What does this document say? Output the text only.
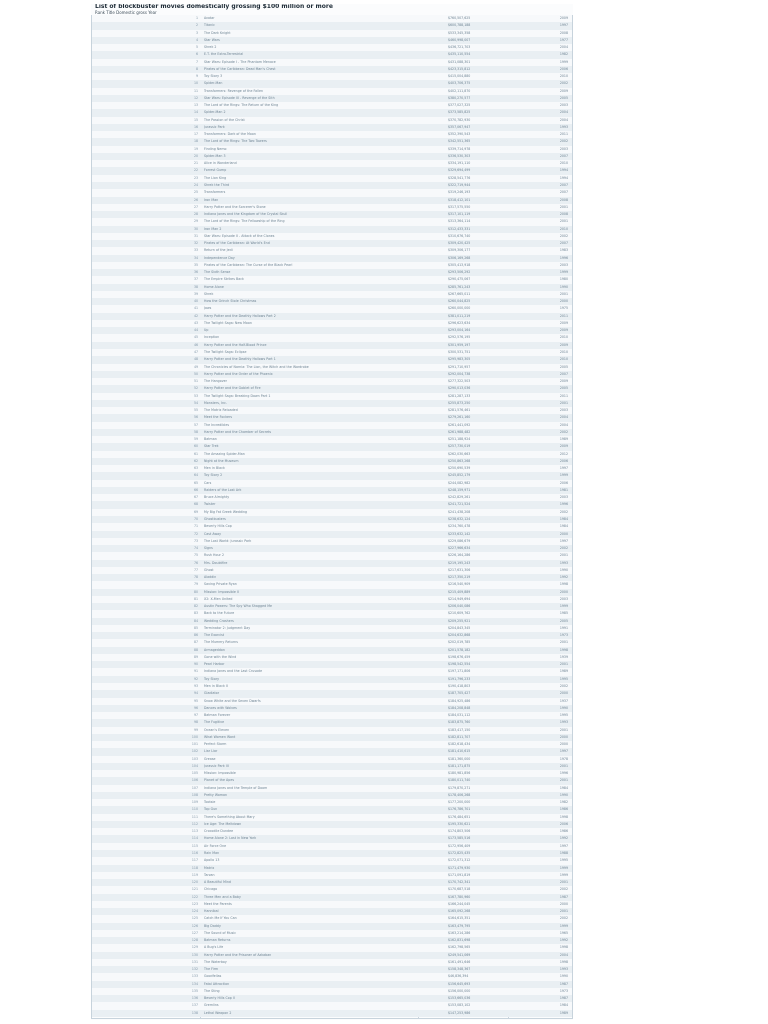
List of blockbuster movies domestically grossing $100 million or more
Rank Title Domestic gross Year
1 Avatar	$760,507,625	2009
2 Titanic	$600,788,188	1997
3 The Dark Knight	$533,345,358	2008
4 Star Wars	$460,998,007	1977
5 Shrek 2	$436,721,703	2004
6 E.T. the Extra-Terrestrial	$435,110,554	1982
7 Star Wars: Episode I - The Phantom Menace	$431,088,301	1999
8 Pirates of the Caribbean: Dead Man's Chest	$423,315,812	2006
9 Toy Story 3	$415,004,880	2010
10 Spider-Man	$403,706,375	2002
11 Transformers: Revenge of the Fallen	$402,111,870	2009
12 Star Wars: Episode III - Revenge of the Sith	$380,270,577	2005
13 The Lord of the Rings: The Return of the King	$377,027,325	2003
14 Spider-Man 2	$373,585,825	2004
15 The Passion of the Christ	$370,782,930	2004
16 Jurassic Park	$357,067,947	1993
17 Transformers: Dark of the Moon	$352,390,543	2011
18 The Lord of the Rings: The Two Towers	$342,551,365	2002
19 Finding Nemo	$339,714,978	2003
20 Spider-Man 3	$336,530,303	2007
21 Alice in Wonderland	$334,191,110	2010
22 Forrest Gump	$329,694,499	1994
23 The Lion King	$328,541,776	1994
24 Shrek the Third	$322,719,944	2007
25 Transformers	$319,246,193	2007
26 Iron Man	$318,412,101	2008
27 Harry Potter and the Sorcerer's Stone	$317,575,550	2001
28 Indiana Jones and the Kingdom of the Crystal Skull	$317,101,119	2008
29 The Lord of the Rings: The Fellowship of the Ring	$313,364,114	2001
30 Iron Man 2	$312,433,331	2010
31 Star Wars: Episode II - Attack of the Clones	$310,676,740	2002
32 Pirates of the Caribbean: At World's End	$309,420,425	2007
33 Return of the Jedi	$309,306,177	1983
34 Independence Day	$306,169,268	1996
35 Pirates of the Caribbean: The Curse of the Black Pearl	$305,413,918	2003
36 The Sixth Sense	$293,506,292	1999
37 The Empire Strikes Back	$290,475,067	1980
38 Home Alone	$285,761,243	1990
39 Shrek	$267,665,011	2001
40 How the Grinch Stole Christmas	$260,044,825	2000
41 Jaws	$260,000,000	1975
42 Harry Potter and the Deathly Hallows Part 2	$381,011,219	2011
43 The Twilight Saga: New Moon	$296,623,634	2009
44 Up	$293,004,164	2009
45 Inception	$292,576,195	2010
46 Harry Potter and the Half-Blood Prince	$301,959,197	2009
47 The Twilight Saga: Eclipse	$300,531,751	2010
48 Harry Potter and the Deathly Hallows Part 1	$295,983,305	2010
49 The Chronicles of Narnia: The Lion, the Witch and the Wardrobe	$291,710,957	2005
50 Harry Potter and the Order of the Phoenix	$292,004,738	2007
51 The Hangover	$277,322,503	2009
52 Harry Potter and the Goblet of Fire	$290,013,036	2005
53 The Twilight Saga: Breaking Dawn Part 1	$281,287,133	2011
54 Monsters, Inc.	$255,873,250	2001
55 The Matrix Reloaded	$281,576,461	2003
56 Meet the Fockers	$279,261,160	2004
57 The Incredibles	$261,441,092	2004
58 Harry Potter and the Chamber of Secrets	$261,988,482	2002
59 Batman	$251,188,924	1989
60 Star Trek	$257,730,019	2009
61 The Amazing Spider-Man	$262,030,663	2012
62 Night at the Museum	$250,863,268	2006
63 Men in Black	$250,690,539	1997
64 Toy Story 2	$245,852,179	1999
65 Cars	$244,082,982	2006
66 Raiders of the Lost Ark	$248,159,971	1981
67 Bruce Almighty	$242,829,261	2003
68 Twister	$241,721,524	1996
69 My Big Fat Greek Wedding	$241,438,208	2002
70 Ghostbusters	$238,632,124	1984
71 Beverly Hills Cop	$234,760,478	1984
72 Cast Away	$233,632,142	2000
73 The Lost World: Jurassic Park	$229,086,679	1997
74 Signs	$227,966,634	2002
75 Rush Hour 2	$226,164,286	2001
76 Mrs. Doubtfire	$219,195,243	1993
77 Ghost	$217,631,306	1990
78 Aladdin	$217,350,219	1992
79 Saving Private Ryan	$216,540,909	1998
80 Mission: Impossible II	$215,409,889	2000
81 X2: X-Men United	$214,949,694	2003
82 Austin Powers: The Spy Who Shagged Me	$206,040,086	1999
83 Back to the Future	$210,609,762	1985
84 Wedding Crashers	$209,255,921	2005
85 Terminator 2: Judgment Day	$204,843,345	1991
86 The Exorcist	$204,632,868	1973
87 The Mummy Returns	$202,019,785	2001
88 Armageddon	$201,578,182	1998
89 Gone with the Wind	$198,676,459	1939
90 Pearl Harbor	$198,542,554	2001
91 Indiana Jones and the Last Crusade	$197,171,806	1989
92 Toy Story	$191,796,233	1995
93 Men in Black II	$190,418,803	2002
94 Gladiator	$187,705,427	2000
95 Snow White and the Seven Dwarfs	$184,925,486	1937
96 Dances with Wolves	$184,208,848	1990
97 Batman Forever	$184,031,112	1995
98 The Fugitive	$183,875,760	1993
99 Ocean's Eleven	$183,417,150	2001
100 What Women Want	$182,811,707	2000
101 Perfect Storm	$182,618,434	2000
102 Liar Liar	$181,410,615	1997
103 Grease	$181,360,000	1978
104 Jurassic Park III	$181,171,875	2001
105 Mission: Impossible	$180,981,856	1996
106 Planet of the Apes	$180,011,740	2001
107 Indiana Jones and the Temple of Doom	$179,870,271	1984
108 Pretty Woman	$178,406,268	1990
109 Tootsie	$177,200,000	1982
110 Top Gun	$176,786,701	1986
111 There's Something About Mary	$176,484,651	1998
112 Ice Age: The Meltdown	$195,330,621	2006
113 Crocodile Dundee	$174,803,506	1986
114 Home Alone 2: Lost in New York	$173,585,516	1992
115 Air Force One	$172,956,409	1997
116 Rain Man	$172,825,435	1988
117 Apollo 13	$172,071,312	1995
118 Matrix	$171,479,930	1999
119 Tarzan	$171,091,819	1999
120 A Beautiful Mind	$170,742,341	2001
121 Chicago	$170,687,518	2002
122 Three Men and a Baby	$167,780,960	1987
123 Meet the Parents	$166,244,045	2000
124 Hannibal	$165,092,268	2001
125 Catch Me If You Can	$164,615,351	2002
126 Big Daddy	$163,479,795	1999
127 The Sound of Music	$163,214,286	1965
128 Batman Returns	$162,831,698	1992
129 A Bug's Life	$162,798,565	1998
130 Harry Potter and the Prisoner of Azkaban	$249,541,069	2004
131 The Waterboy	$161,491,646	1998
132 The Firm	$158,348,367	1993
133 Goodfellas	$46,836,394	1990
134 Fatal Attraction	$156,645,693	1987
135 The Sting	$156,000,000	1973
136 Beverly Hills Cop II	$153,665,036	1987
137 Gremlins	$153,083,102	1984
138 Lethal Weapon 2	$147,253,986	1989
